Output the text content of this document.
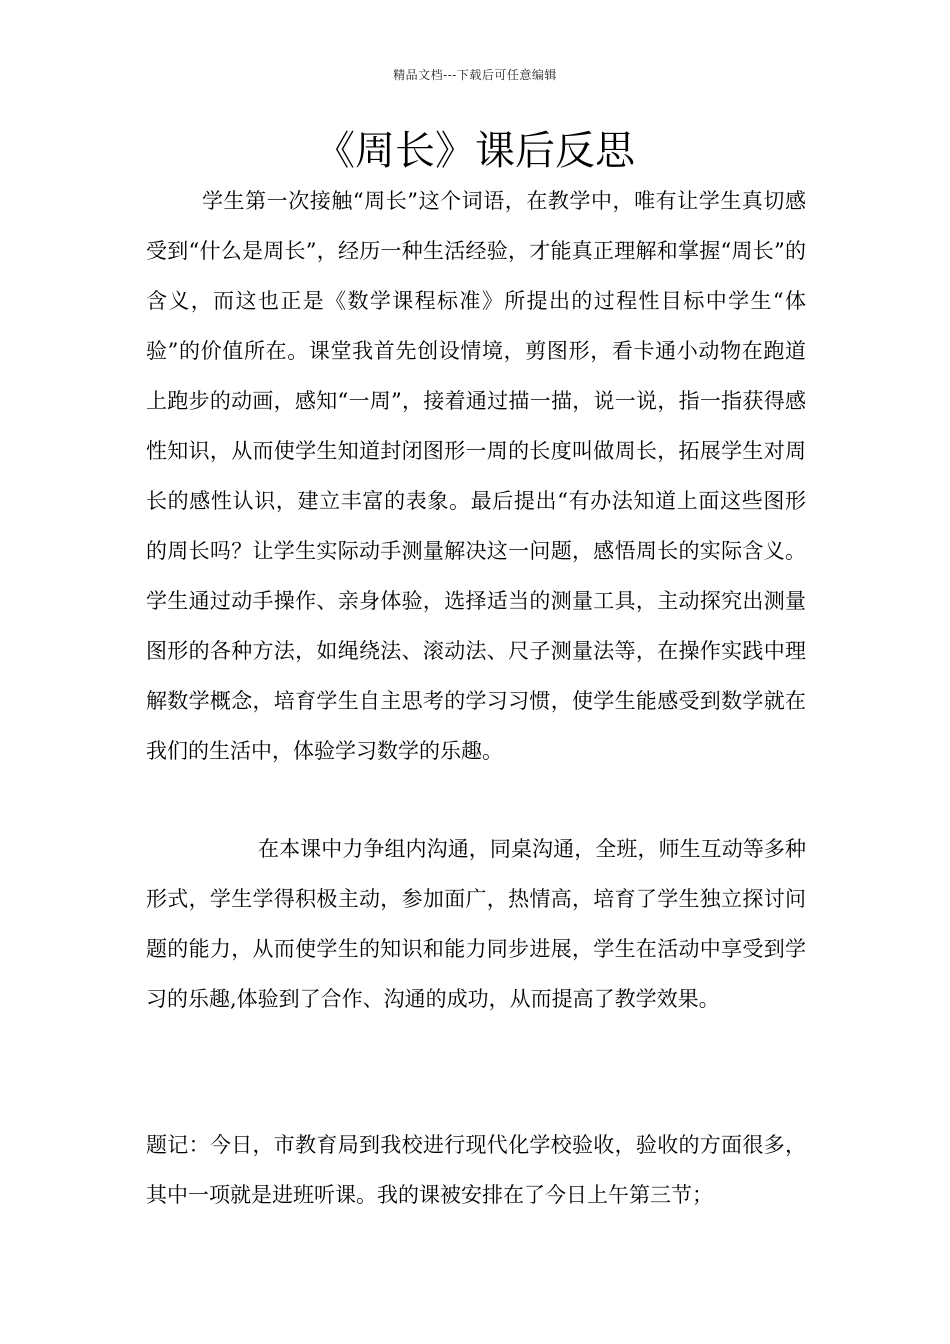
精品文档---下载后可任意编辑
《周长》课后反思

学生第一次接触“周长”这个词语，在教学中，唯有让学生真切感受到“什么是周长”，经历一种生活经验，才能真正理解和掌握“周长”的含义，而这也正是《数学课程标准》所提出的过程性目标中学生“体验”的价值所在。课堂我首先创设情境，剪图形，看卡通小动物在跑道上跑步的动画，感知“一周”，接着通过描一描，说一说，指一指获得感性知识，从而使学生知道封闭图形一周的长度叫做周长，拓展学生对周长的感性认识，建立丰富的表象。最后提出“有办法知道上面这些图形的周长吗？让学生实际动手测量解决这一问题，感悟周长的实际含义。学生通过动手操作、亲身体验，选择适当的测量工具，主动探究出测量图形的各种方法，如绳绕法、滚动法、尺子测量法等，在操作实践中理解数学概念，培育学生自主思考的学习习惯，使学生能感受到数学就在我们的生活中，体验学习数学的乐趣。

在本课中力争组内沟通，同桌沟通，全班，师生互动等多种形式，学生学得积极主动，参加面广，热情高，培育了学生独立探讨问题的能力，从而使学生的知识和能力同步进展，学生在活动中享受到学习的乐趣,体验到了合作、沟通的成功，从而提高了教学效果。

题记：今日，市教育局到我校进行现代化学校验收，验收的方面很多，其中一项就是进班听课。我的课被安排在了今日上午第三节；
